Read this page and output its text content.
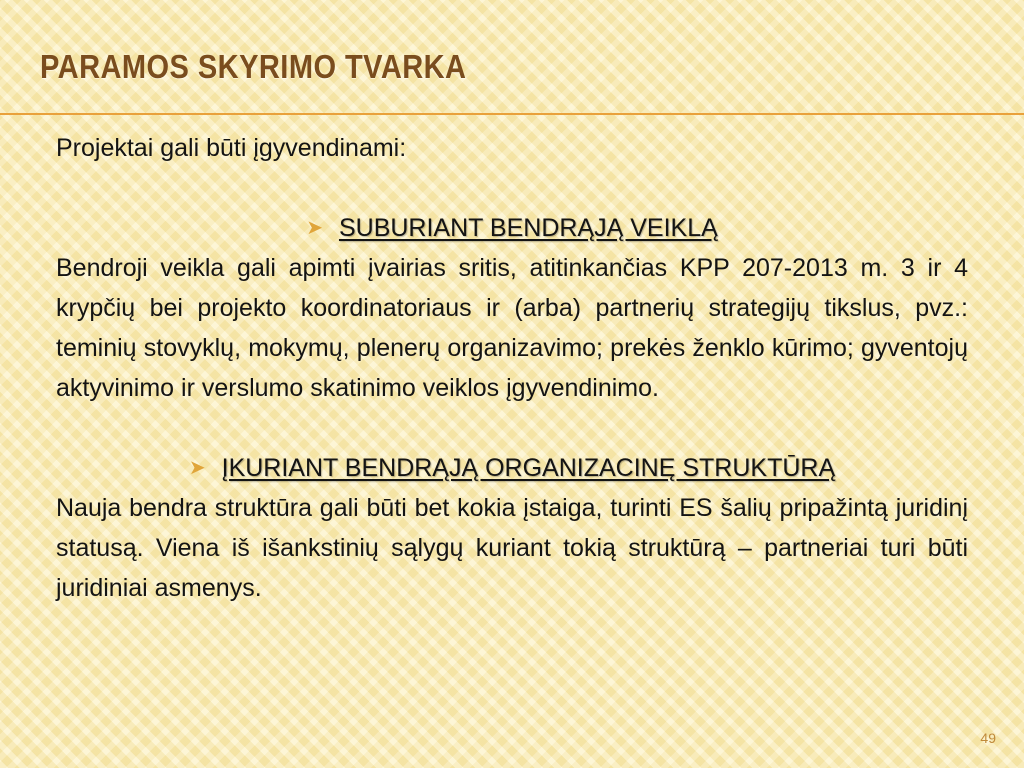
PARAMOS SKYRIMO TVARKA

Projektai gali būti įgyvendinami:

➤ SUBURIANT BENDRĄJĄ VEIKLĄ

Bendroji veikla gali apimti įvairias sritis, atitinkančias KPP 207-2013 m. 3 ir 4 krypčių bei projekto koordinatoriaus ir (arba) partnerių strategijų tikslus, pvz.: teminių stovyklų, mokymų, plenerų organizavimo; prekės ženklo kūrimo; gyventojų aktyvinimo ir verslumo skatinimo veiklos įgyvendinimo.

➤ ĮKURIANT BENDRĄJĄ ORGANIZACINĘ STRUKTŪRĄ

Nauja bendra struktūra gali būti bet kokia įstaiga, turinti ES šalių pripažintą juridinį statusą. Viena iš išankstinių sąlygų kuriant tokią struktūrą – partneriai turi būti juridiniai asmenys.

49
